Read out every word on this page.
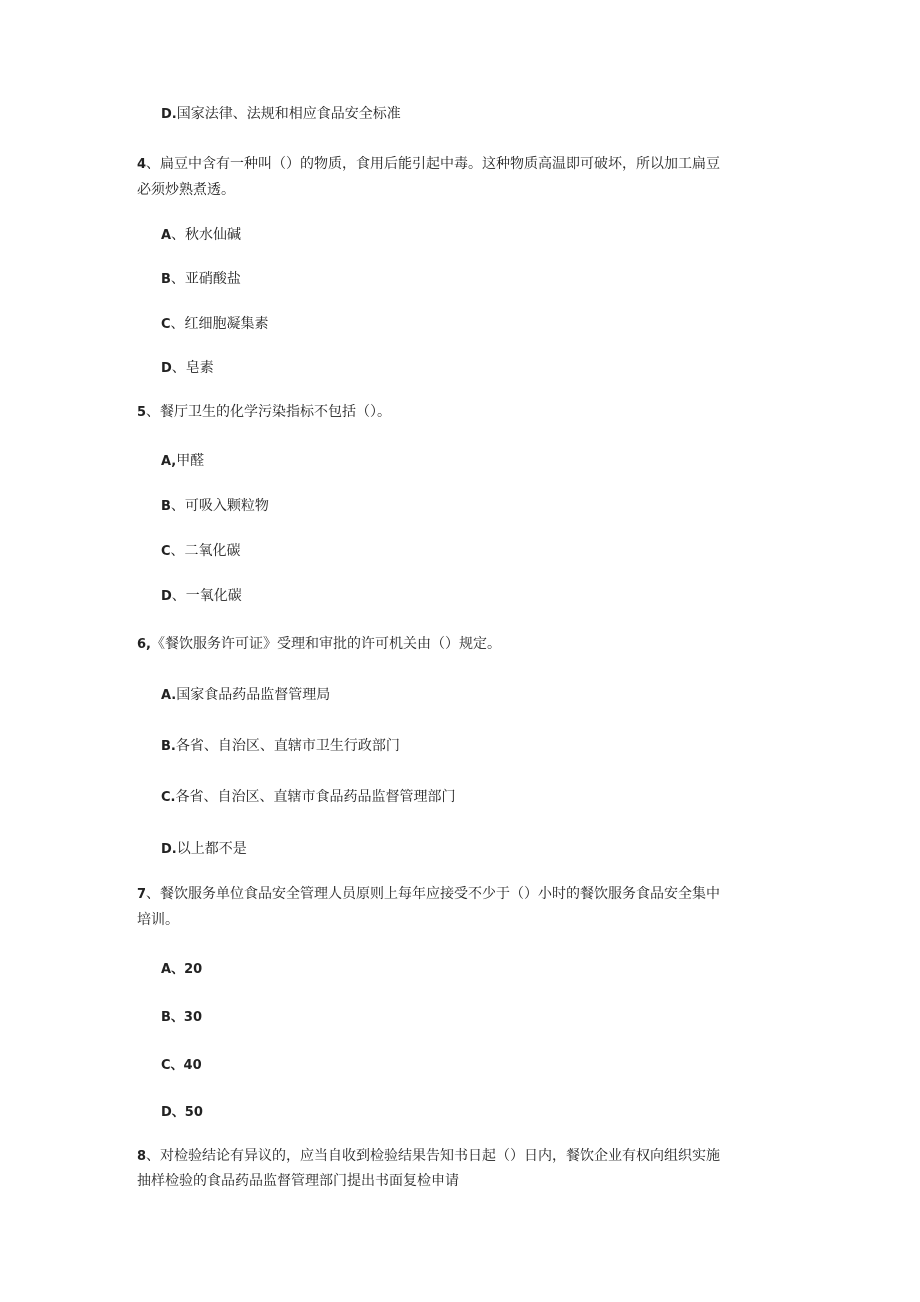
D.国家法律、法规和相应食品安全标准
4、扁豆中含有一种叫（）的物质，食用后能引起中毒。这种物质高温即可破坏，所以加工扁豆
必须炒熟煮透。
A、秋水仙碱
B、亚硝酸盐
C、红细胞凝集素
D、皂素
5、餐厅卫生的化学污染指标不包括（）。
A,甲醛
B、可吸入颗粒物
C、二氧化碳
D、一氧化碳
6,《餐饮服务许可证》受理和审批的许可机关由（）规定。
A.国家食品药品监督管理局
B.各省、自治区、直辖市卫生行政部门
C.各省、自治区、直辖市食品药品监督管理部门
D.以上都不是
7、餐饮服务单位食品安全管理人员原则上每年应接受不少于（）小时的餐饮服务食品安全集中
培训。
A、20
B、30
C、40
D、50
8、对检验结论有异议的，应当自收到检验结果告知书日起（）日内，餐饮企业有权向组织实施
抽样检验的食品药品监督管理部门提出书面复检申请
